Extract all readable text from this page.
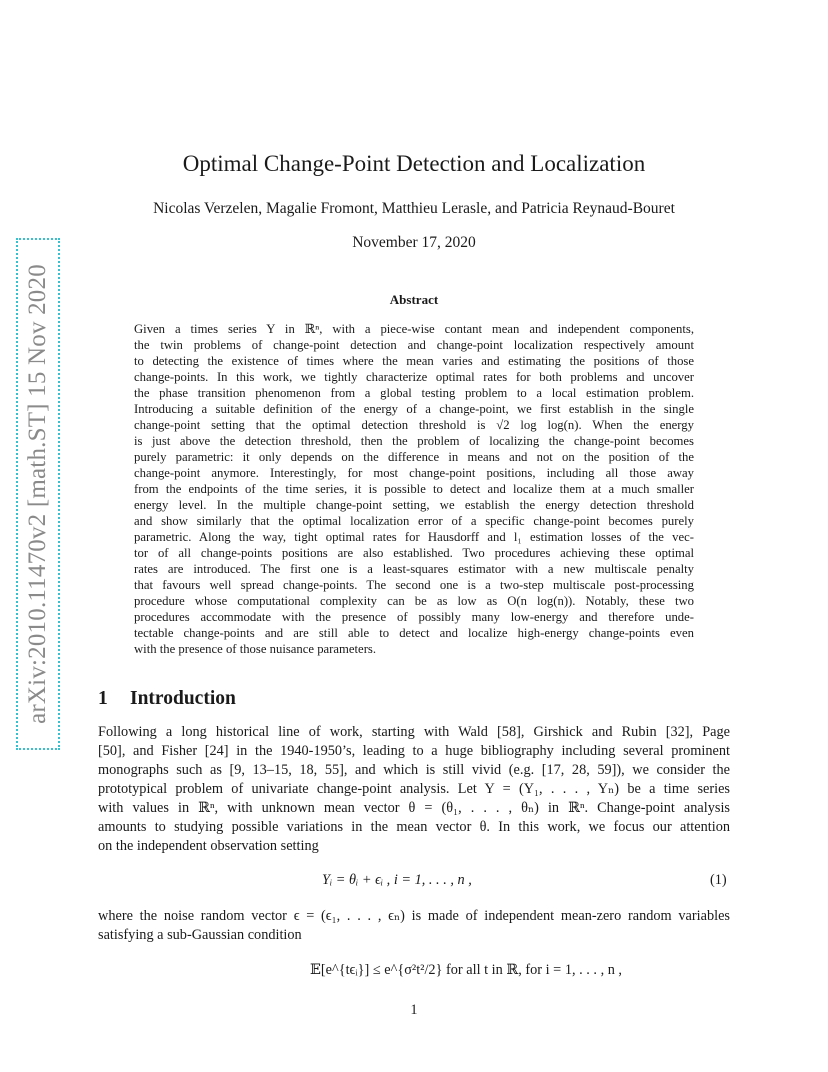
arXiv:2010.11470v2 [math.ST] 15 Nov 2020
Optimal Change-Point Detection and Localization
Nicolas Verzelen, Magalie Fromont, Matthieu Lerasle, and Patricia Reynaud-Bouret
November 17, 2020
Abstract
Given a times series Y in ℝⁿ, with a piece-wise contant mean and independent components,
the twin problems of change-point detection and change-point localization respectively amount
to detecting the existence of times where the mean varies and estimating the positions of those
change-points. In this work, we tightly characterize optimal rates for both problems and uncover
the phase transition phenomenon from a global testing problem to a local estimation problem.
Introducing a suitable definition of the energy of a change-point, we first establish in the single
change-point setting that the optimal detection threshold is √2 log log(n). When the energy
is just above the detection threshold, then the problem of localizing the change-point becomes
purely parametric: it only depends on the difference in means and not on the position of the
change-point anymore. Interestingly, for most change-point positions, including all those away
from the endpoints of the time series, it is possible to detect and localize them at a much smaller
energy level. In the multiple change-point setting, we establish the energy detection threshold
and show similarly that the optimal localization error of a specific change-point becomes purely
parametric. Along the way, tight optimal rates for Hausdorff and l₁ estimation losses of the vec-
tor of all change-points positions are also established. Two procedures achieving these optimal
rates are introduced. The first one is a least-squares estimator with a new multiscale penalty
that favours well spread change-points. The second one is a two-step multiscale post-processing
procedure whose computational complexity can be as low as O(n log(n)). Notably, these two
procedures accommodate with the presence of possibly many low-energy and therefore unde-
tectable change-points and are still able to detect and localize high-energy change-points even
with the presence of those nuisance parameters.
1 Introduction
Following a long historical line of work, starting with Wald [58], Girshick and Rubin [32], Page
[50], and Fisher [24] in the 1940-1950’s, leading to a huge bibliography including several prominent
monographs such as [9, 13–15, 18, 55], and which is still vivid (e.g. [17, 28, 59]), we consider the
prototypical problem of univariate change-point analysis. Let Y = (Y₁, . . . , Yₙ) be a time series
with values in ℝⁿ, with unknown mean vector θ = (θ₁, . . . , θₙ) in ℝⁿ. Change-point analysis
amounts to studying possible variations in the mean vector θ. In this work, we focus our attention
on the independent observation setting
Yᵢ = θᵢ + ϵᵢ , i = 1, . . . , n ,	(1)
where the noise random vector ϵ = (ϵ₁, . . . , ϵₙ) is made of independent mean-zero random variables
satisfying a sub-Gaussian condition
𝔼[e^{tϵᵢ}] ≤ e^{σ²t²/2} for all t in ℝ, for i = 1, . . . , n ,
1
